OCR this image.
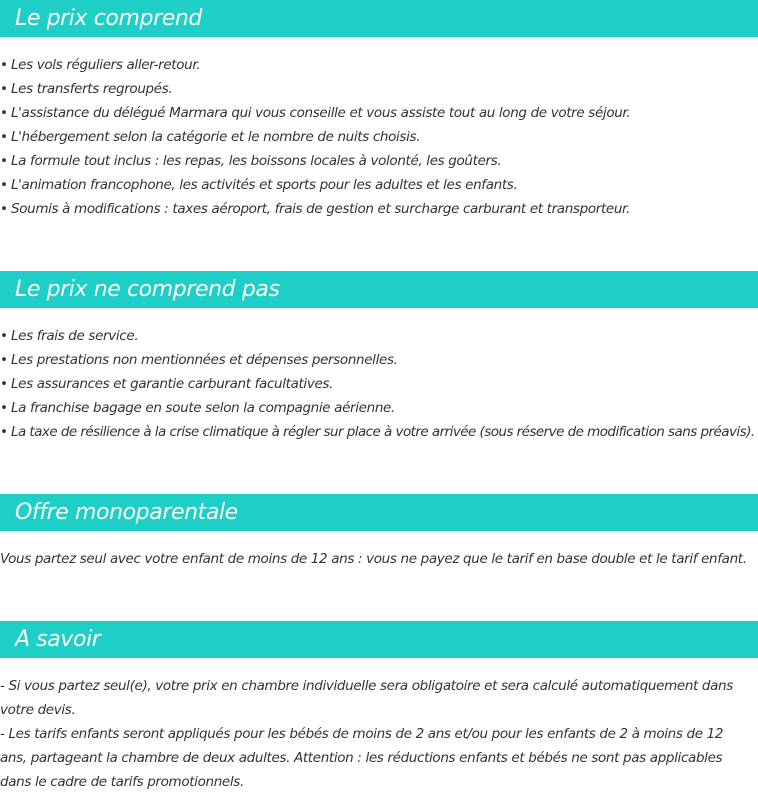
Le prix comprend
• Les vols réguliers aller-retour.
• Les transferts regroupés.
• L'assistance du délégué Marmara qui vous conseille et vous assiste tout au long de votre séjour.
• L'hébergement selon la catégorie et le nombre de nuits choisis.
• La formule tout inclus : les repas, les boissons locales à volonté, les goûters.
• L'animation francophone, les activités et sports pour les adultes et les enfants.
• Soumis à modifications : taxes aéroport, frais de gestion et surcharge carburant et transporteur.
Le prix ne comprend pas
• Les frais de service.
• Les prestations non mentionnées et dépenses personnelles.
• Les assurances et garantie carburant facultatives.
• La franchise bagage en soute selon la compagnie aérienne.
• La taxe de résilience à la crise climatique à régler sur place à votre arrivée (sous réserve de modification sans préavis).
Offre monoparentale

Vous partez seul avec votre enfant de moins de 12 ans : vous ne payez que le tarif en base double et le tarif enfant.

A savoir

- Si vous partez seul(e), votre prix en chambre individuelle sera obligatoire et sera calculé automatiquement dans votre devis.

- Les tarifs enfants seront appliqués pour les bébés de moins de 2 ans et/ou pour les enfants de 2 à moins de 12 ans, partageant la chambre de deux adultes. Attention : les réductions enfants et bébés ne sont pas applicables dans le cadre de tarifs promotionnels.
